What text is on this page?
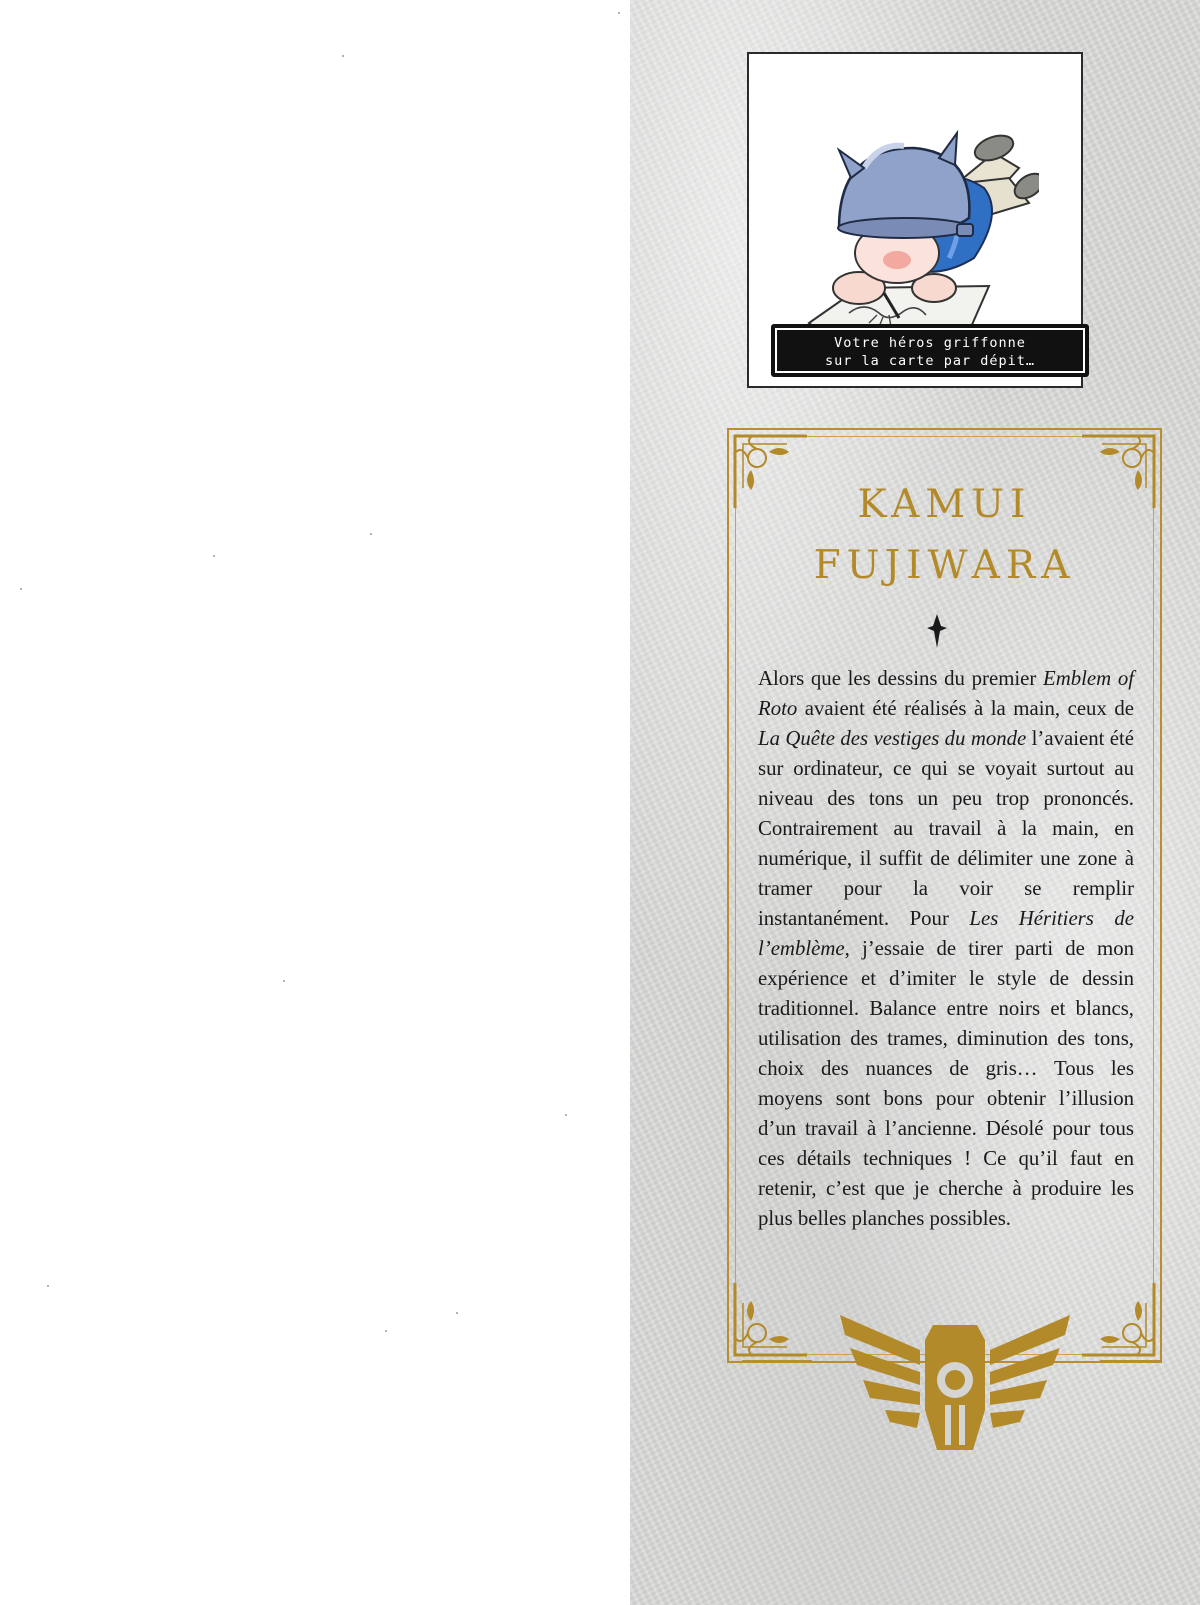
Votre héros griffonne
sur la carte par dépit…
KAMUI
FUJIWARA
Alors que les dessins du premier Emblem of Roto avaient été réalisés à la main, ceux de La Quête des vestiges du monde l’avaient été sur ordinateur, ce qui se voyait surtout au niveau des tons un peu trop prononcés. Contrairement au travail à la main, en numérique, il suffit de délimiter une zone à tramer pour la voir se remplir instantanément. Pour Les Héritiers de l’emblème, j’essaie de tirer parti de mon expérience et d’imiter le style de dessin traditionnel. Balance entre noirs et blancs, utilisation des trames, diminution des tons, choix des nuances de gris… Tous les moyens sont bons pour obtenir l’illusion d’un travail à l’ancienne. Désolé pour tous ces détails techniques ! Ce qu’il faut en retenir, c’est que je cherche à produire les plus belles planches possibles.
